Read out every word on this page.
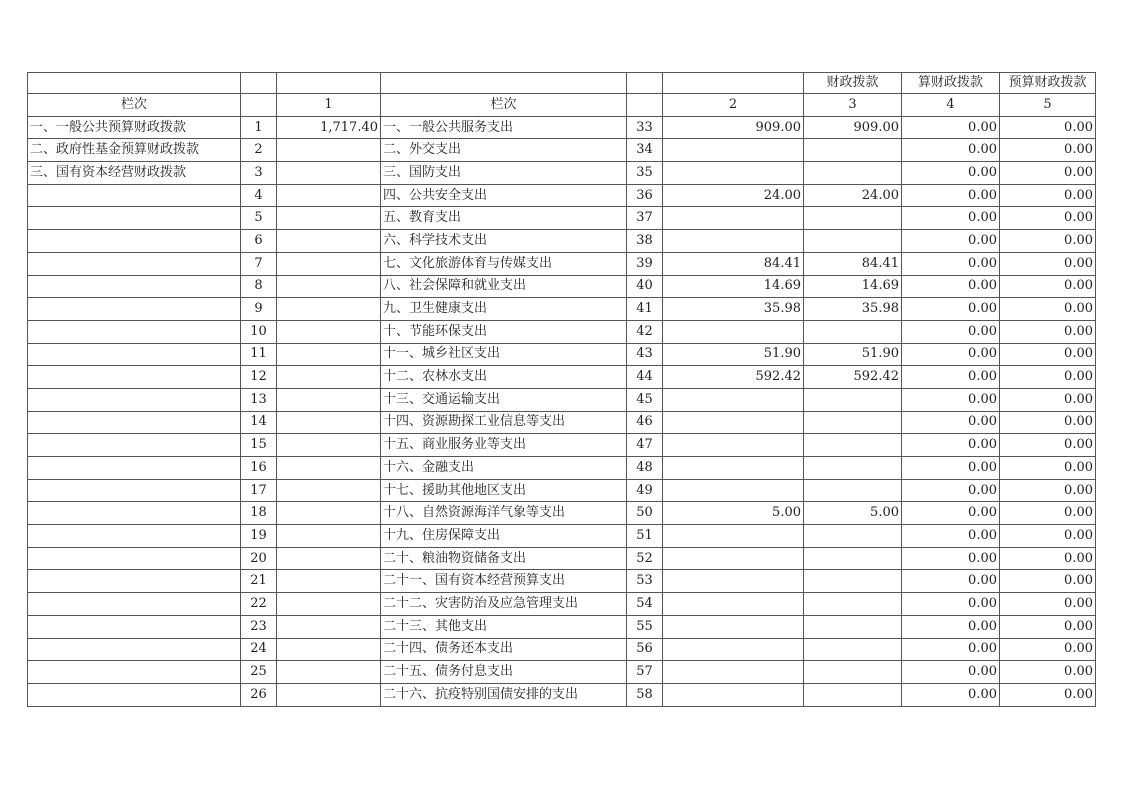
						财政拨款	算财政拨款	预算财政拨款
栏次		1	栏次		2	3	4	5
一、一般公共预算财政拨款	1	1,717.40	一、一般公共服务支出	33	909.00	909.00	0.00	0.00
二、政府性基金预算财政拨款	2		二、外交支出	34			0.00	0.00
三、国有资本经营财政拨款	3		三、国防支出	35			0.00	0.00
	4		四、公共安全支出	36	24.00	24.00	0.00	0.00
	5		五、教育支出	37			0.00	0.00
	6		六、科学技术支出	38			0.00	0.00
	7		七、文化旅游体育与传媒支出	39	84.41	84.41	0.00	0.00
	8		八、社会保障和就业支出	40	14.69	14.69	0.00	0.00
	9		九、卫生健康支出	41	35.98	35.98	0.00	0.00
	10		十、节能环保支出	42			0.00	0.00
	11		十一、城乡社区支出	43	51.90	51.90	0.00	0.00
	12		十二、农林水支出	44	592.42	592.42	0.00	0.00
	13		十三、交通运输支出	45			0.00	0.00
	14		十四、资源勘探工业信息等支出	46			0.00	0.00
	15		十五、商业服务业等支出	47			0.00	0.00
	16		十六、金融支出	48			0.00	0.00
	17		十七、援助其他地区支出	49			0.00	0.00
	18		十八、自然资源海洋气象等支出	50	5.00	5.00	0.00	0.00
	19		十九、住房保障支出	51			0.00	0.00
	20		二十、粮油物资储备支出	52			0.00	0.00
	21		二十一、国有资本经营预算支出	53			0.00	0.00
	22		二十二、灾害防治及应急管理支出	54			0.00	0.00
	23		二十三、其他支出	55			0.00	0.00
	24		二十四、债务还本支出	56			0.00	0.00
	25		二十五、债务付息支出	57			0.00	0.00
	26		二十六、抗疫特别国债安排的支出	58			0.00	0.00
